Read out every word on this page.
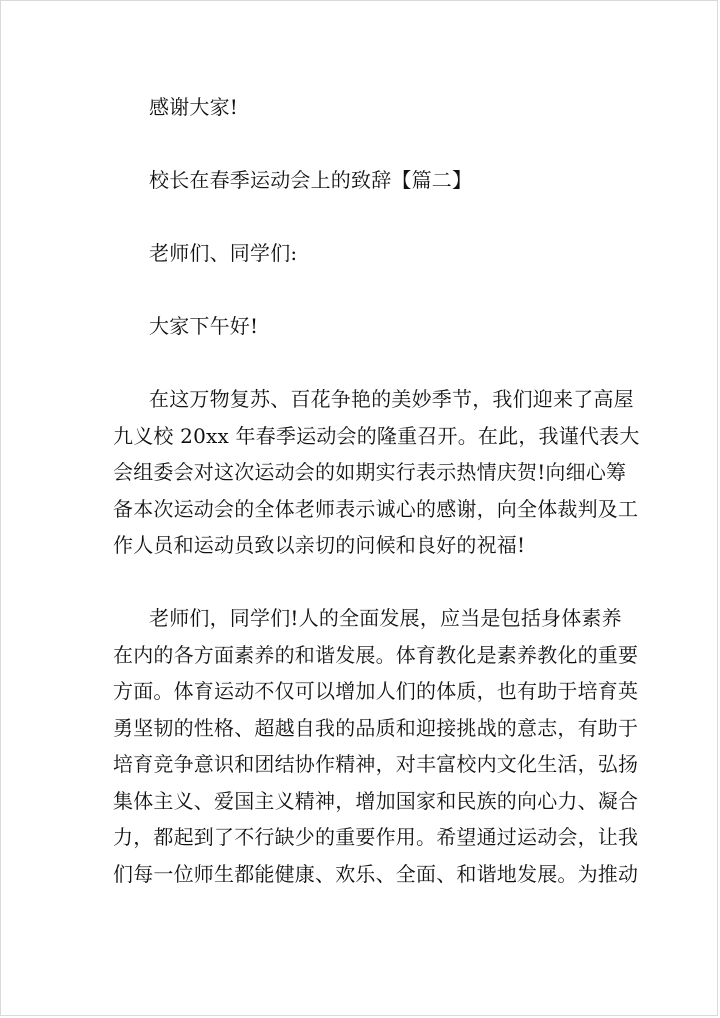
感谢大家!
校长在春季运动会上的致辞【篇二】
老师们、同学们:
大家下午好!
在这万物复苏、百花争艳的美妙季节，我们迎来了高屋
九义校 20xx 年春季运动会的隆重召开。在此，我谨代表大
会组委会对这次运动会的如期实行表示热情庆贺!向细心筹
备本次运动会的全体老师表示诚心的感谢，向全体裁判及工
作人员和运动员致以亲切的问候和良好的祝福!
老师们，同学们!人的全面发展，应当是包括身体素养
在内的各方面素养的和谐发展。体育教化是素养教化的重要
方面。体育运动不仅可以增加人们的体质，也有助于培育英
勇坚韧的性格、超越自我的品质和迎接挑战的意志，有助于
培育竞争意识和团结协作精神，对丰富校内文化生活，弘扬
集体主义、爱国主义精神，增加国家和民族的向心力、凝合
力，都起到了不行缺少的重要作用。希望通过运动会，让我
们每一位师生都能健康、欢乐、全面、和谐地发展。为推动
